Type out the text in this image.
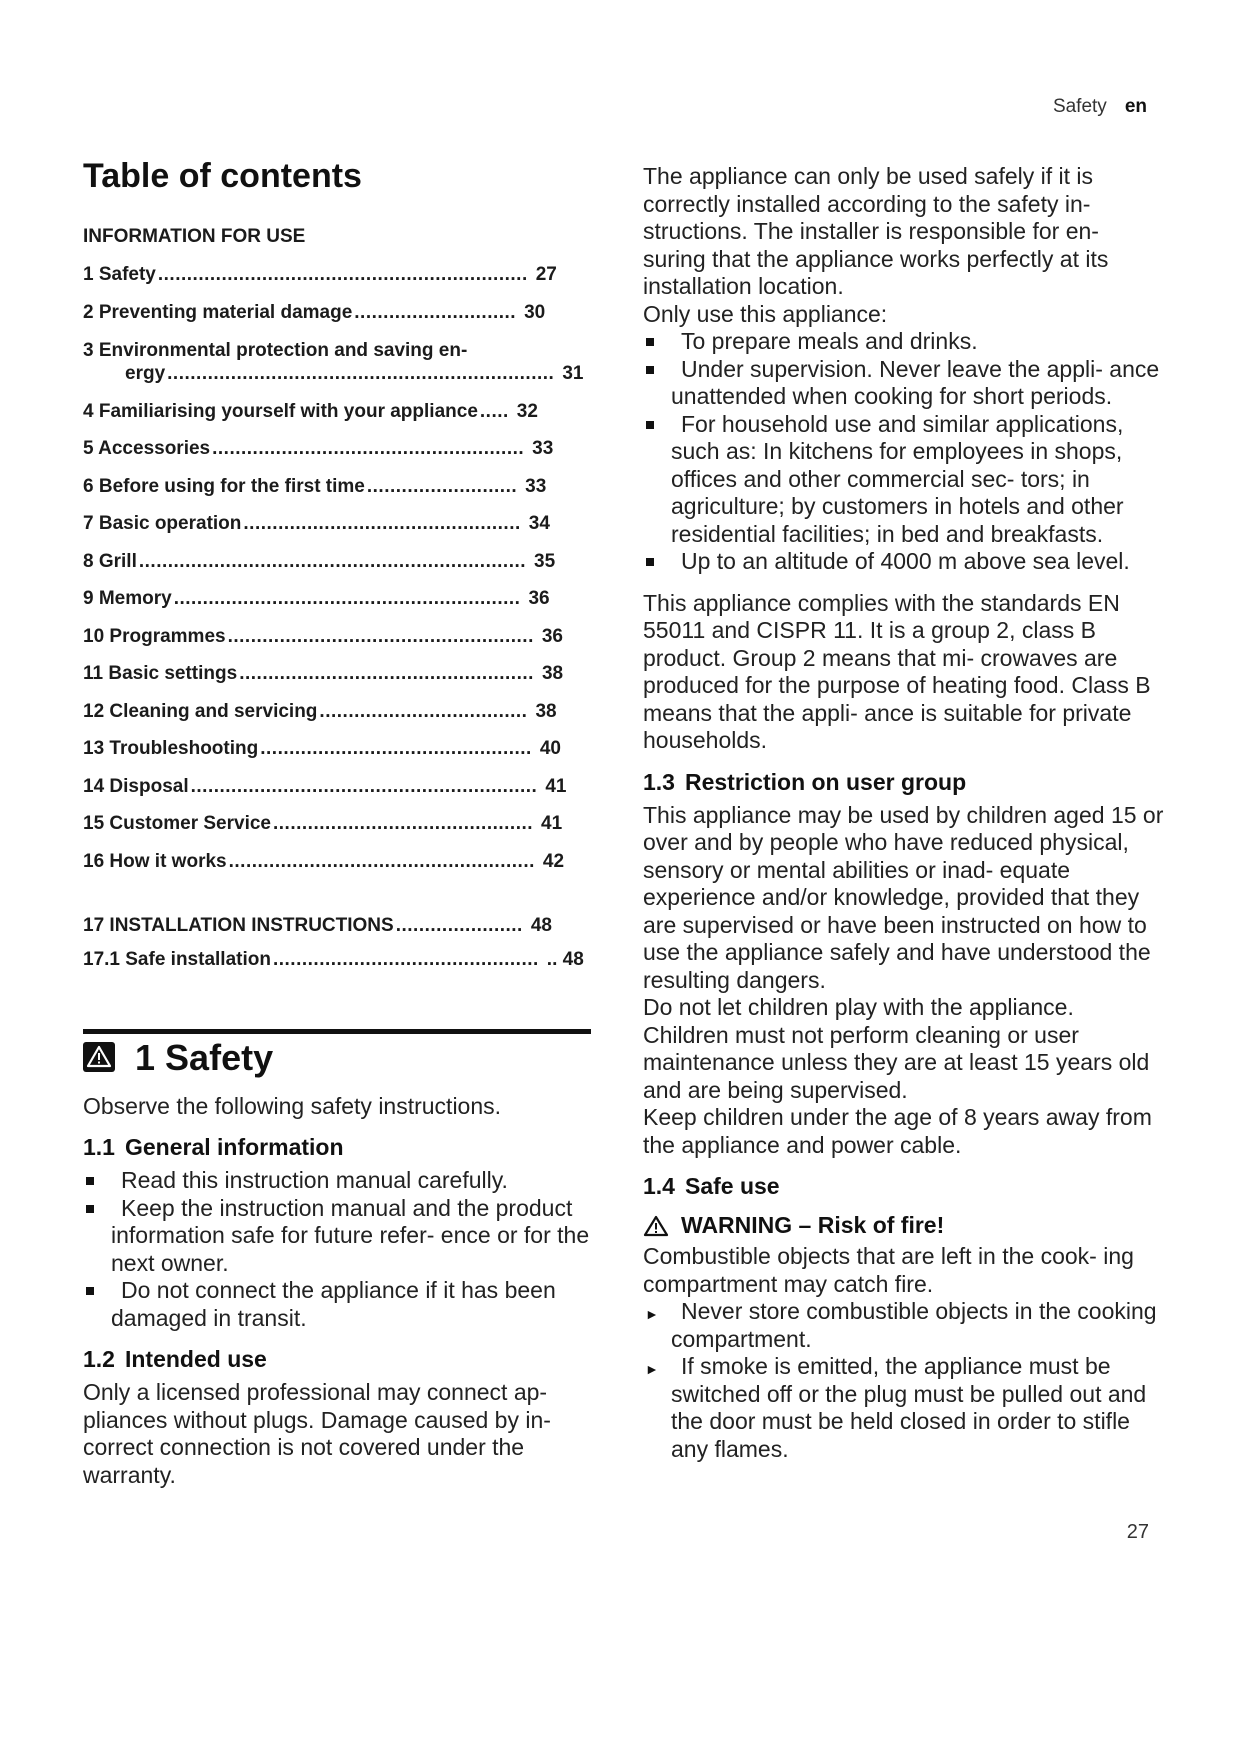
Safety en
Table of contents
INFORMATION FOR USE
1 Safety ................................................................ 27
2 Preventing material damage ............................ 30
3 Environmental protection and saving en-
ergy ................................................................... 31
4 Familiarising yourself with your appliance ..... 32
5 Accessories ...................................................... 33
6 Before using for the first time .......................... 33
7 Basic operation ................................................ 34
8 Grill ................................................................... 35
9 Memory ............................................................ 36
10 Programmes ..................................................... 36
11 Basic settings ................................................... 38
12 Cleaning and servicing .................................... 38
13 Troubleshooting ............................................... 40
14 Disposal ............................................................ 41
15 Customer Service ............................................. 41
16 How it works ..................................................... 42
17 INSTALLATION INSTRUCTIONS ...................... 48
17.1 Safe installation .............................................. .. 48
1 Safety

Observe the following safety instructions.

1.1 General information
Read this instruction manual carefully.
Keep the instruction manual and the product information safe for future refer- ence or for the next owner.
Do not connect the appliance if it has been damaged in transit.
1.2 Intended use

Only a licensed professional may connect ap- pliances without plugs. Damage caused by in- correct connection is not covered under the warranty.

The appliance can only be used safely if it is correctly installed according to the safety in- structions. The installer is responsible for en- suring that the appliance works perfectly at its installation location.

Only use this appliance:

To prepare meals and drinks.
Under supervision. Never leave the appli- ance unattended when cooking for short periods.
For household use and similar applications, such as: In kitchens for employees in shops, offices and other commercial sec- tors; in agriculture; by customers in hotels and other residential facilities; in bed and breakfasts.
Up to an altitude of 4000 m above sea level.

This appliance complies with the standards EN 55011 and CISPR 11. It is a group 2, class B product. Group 2 means that mi- crowaves are produced for the purpose of heating food. Class B means that the appli- ance is suitable for private households.

1.3 Restriction on user group

This appliance may be used by children aged 15 or over and by people who have reduced physical, sensory or mental abilities or inad- equate experience and/or knowledge, provided that they are supervised or have been instructed on how to use the appliance safely and have understood the resulting dangers.

Do not let children play with the appliance.

Children must not perform cleaning or user maintenance unless they are at least 15 years old and are being supervised.

Keep children under the age of 8 years away from the appliance and power cable.

1.4 Safe use
WARNING – Risk of fire!

Combustible objects that are left in the cook- ing compartment may catch fire.

► Never store combustible objects in the cooking compartment.
► If smoke is emitted, the appliance must be switched off or the plug must be pulled out and the door must be held closed in order to stifle any flames.
27
